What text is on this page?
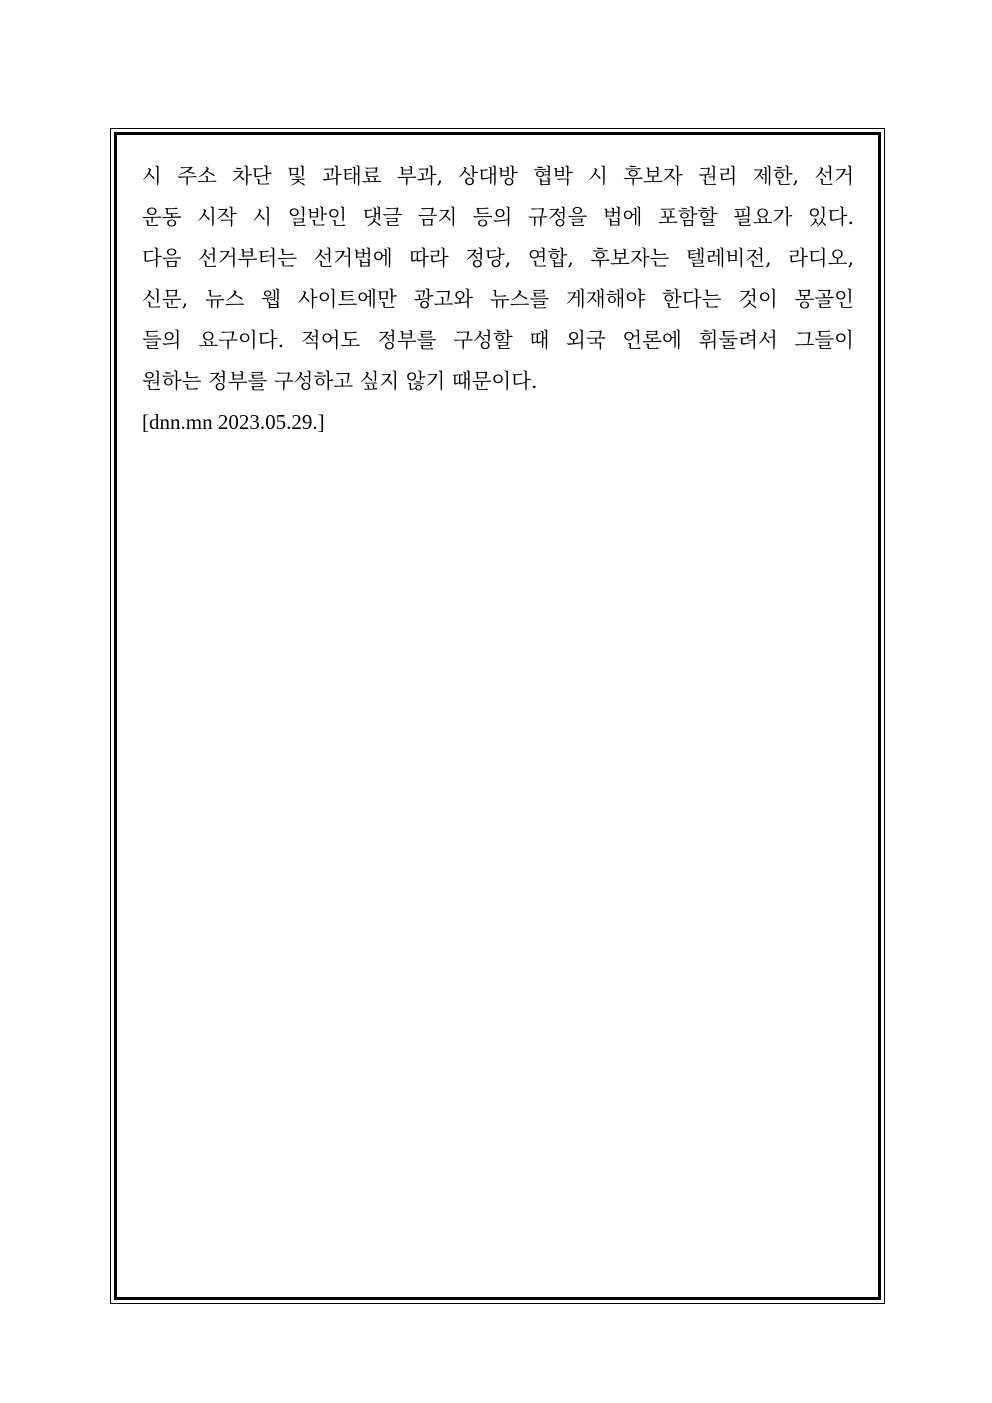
시 주소 차단 및 과태료 부과, 상대방 협박 시 후보자 권리 제한, 선거
운동 시작 시 일반인 댓글 금지 등의 규정을 법에 포함할 필요가 있다.
다음 선거부터는 선거법에 따라 정당, 연합, 후보자는 텔레비전, 라디오,
신문, 뉴스 웹 사이트에만 광고와 뉴스를 게재해야 한다는 것이 몽골인
들의 요구이다. 적어도 정부를 구성할 때 외국 언론에 휘둘려서 그들이
원하는 정부를 구성하고 싶지 않기 때문이다.
[dnn.mn 2023.05.29.]
